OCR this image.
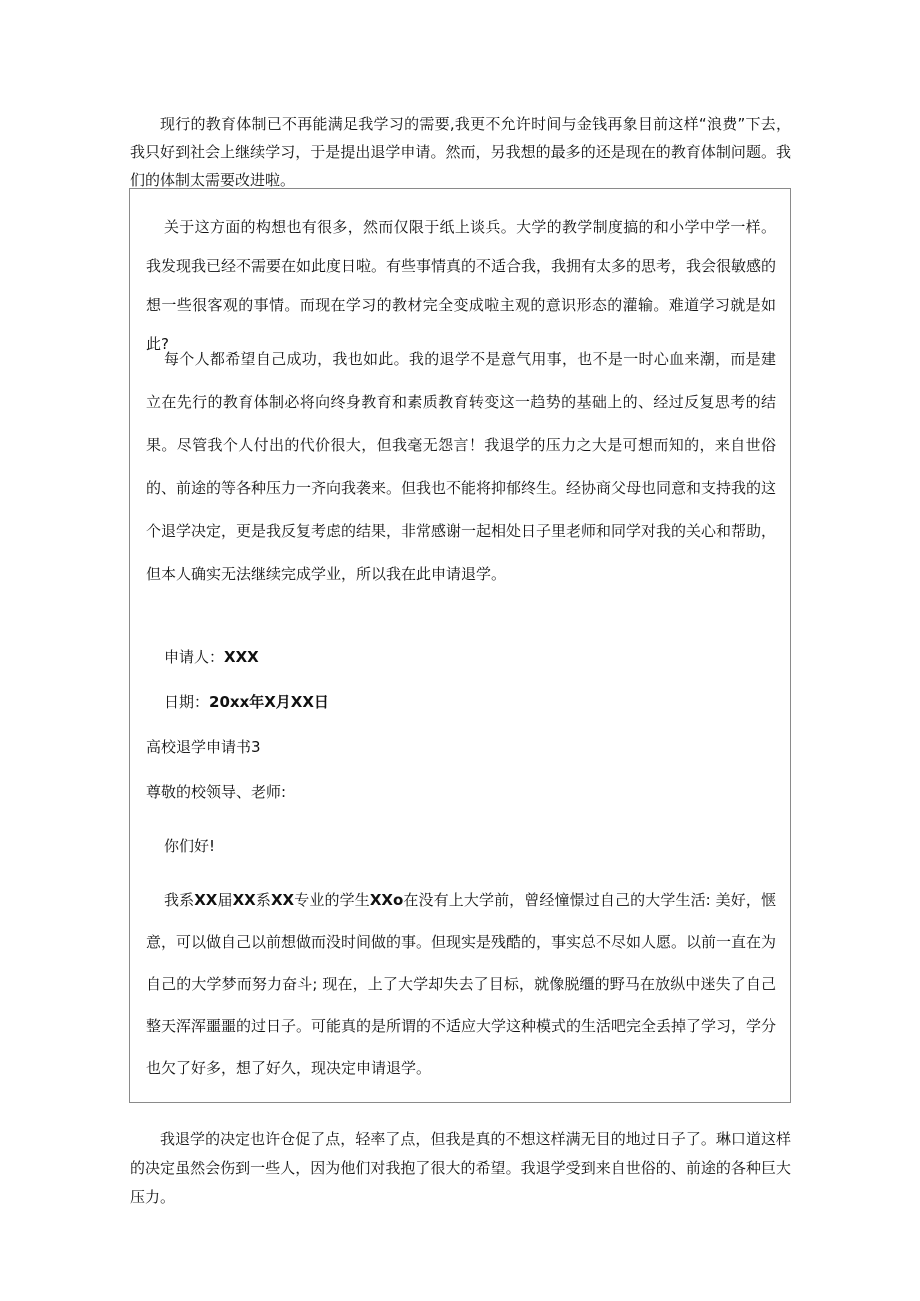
现行的教育体制已不再能满足我学习的需要,我更不允许时间与金钱再象目前这样“浪费”下去，我只好到社会上继续学习，于是提出退学申请。然而，另我想的最多的还是现在的教育体制问题。我们的体制太需要改进啦。

关于这方面的构想也有很多，然而仅限于纸上谈兵。大学的教学制度搞的和小学中学一样。我发现我已经不需要在如此度日啦。有些事情真的不适合我，我拥有太多的思考，我会很敏感的想一些很客观的事情。而现在学习的教材完全变成啦主观的意识形态的灌输。难道学习就是如此?

每个人都希望自己成功，我也如此。我的退学不是意气用事，也不是一时心血来潮，而是建立在先行的教育体制必将向终身教育和素质教育转变这一趋势的基础上的、经过反复思考的结果。尽管我个人付出的代价很大，但我毫无怨言！我退学的压力之大是可想而知的，来自世俗的、前途的等各种压力一齐向我袭来。但我也不能将抑郁终生。经协商父母也同意和支持我的这个退学决定，更是我反复考虑的结果，非常感谢一起相处日子里老师和同学对我的关心和帮助，但本人确实无法继续完成学业，所以我在此申请退学。

申请人：XXX

日期：20xx年X月XX日

高校退学申请书3

尊敬的校领导、老师:

你们好!

我系XX届XX系XX专业的学生XXo在没有上大学前，曾经憧憬过自己的大学生活: 美好，惬意，可以做自己以前想做而没时间做的事。但现实是残酷的，事实总不尽如人愿。以前一直在为自己的大学梦而努力奋斗; 现在，上了大学却失去了目标，就像脱缰的野马在放纵中迷失了自己整天浑浑噩噩的过日子。可能真的是所谓的不适应大学这种模式的生活吧完全丢掉了学习，学分也欠了好多，想了好久，现决定申请退学。

我退学的决定也许仓促了点，轻率了点，但我是真的不想这样满无目的地过日子了。琳口道这样的决定虽然会伤到一些人，因为他们对我抱了很大的希望。我退学受到来自世俗的、前途的各种巨大压力。
